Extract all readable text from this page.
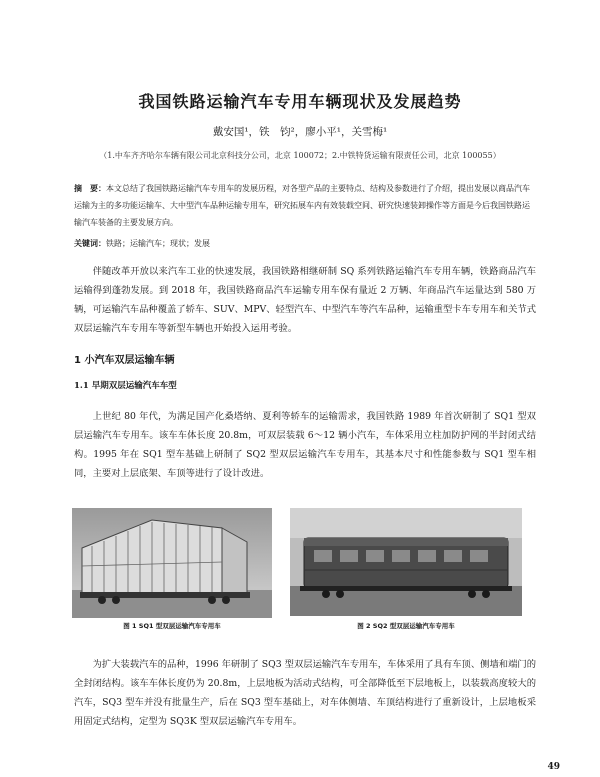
我国铁路运输汽车专用车辆现状及发展趋势
戴安国¹，铁　钧²，廖小平¹，关雪梅¹
（1.中车齐齐哈尔车辆有限公司北京科技分公司，北京 100072；2.中铁特货运输有限责任公司，北京 100055）
摘　要：本文总结了我国铁路运输汽车专用车的发展历程，对各型产品的主要特点、结构及参数进行了介绍，提出发展以商品汽车运输为主的多功能运输车、大中型汽车品种运输专用车，研究拓展车内有效装载空间、研究快速装卸操作等方面是今后我国铁路运输汽车装备的主要发展方向。
关键词：铁路；运输汽车；现状；发展
伴随改革开放以来汽车工业的快速发展，我国铁路相继研制 SQ 系列铁路运输汽车专用车辆，铁路商品汽车运输得到蓬勃发展。到 2018 年，我国铁路商品汽车运输专用车保有量近 2 万辆、年商品汽车运量达到 580 万辆，可运输汽车品种覆盖了轿车、SUV、MPV、轻型汽车、中型汽车等汽车品种，运输重型卡车专用车和关节式双层运输汽车专用车等新型车辆也开始投入运用考验。
1 小汽车双层运输车辆
1.1 早期双层运输汽车车型
上世纪 80 年代，为满足国产化桑塔纳、夏利等轿车的运输需求，我国铁路 1989 年首次研制了 SQ1 型双层运输汽车专用车。该车车体长度 20.8m，可双层装载 6～12 辆小汽车，车体采用立柱加防护网的半封闭式结构。1995 年在 SQ1 型车基础上研制了 SQ2 型双层运输汽车专用车，其基本尺寸和性能参数与 SQ1 型车相同，主要对上层底架、车顶等进行了设计改进。
图 1 SQ1 型双层运输汽车专用车	图 2 SQ2 型双层运输汽车专用车
为扩大装载汽车的品种，1996 年研制了 SQ3 型双层运输汽车专用车，车体采用了具有车顶、侧墙和端门的全封闭结构。该车车体长度仍为 20.8m，上层地板为活动式结构，可全部降低至下层地板上，以装载高度较大的汽车，SQ3 型车并没有批量生产，后在 SQ3 型车基础上，对车体侧墙、车顶结构进行了重新设计，上层地板采用固定式结构，定型为 SQ3K 型双层运输汽车专用车。
49
